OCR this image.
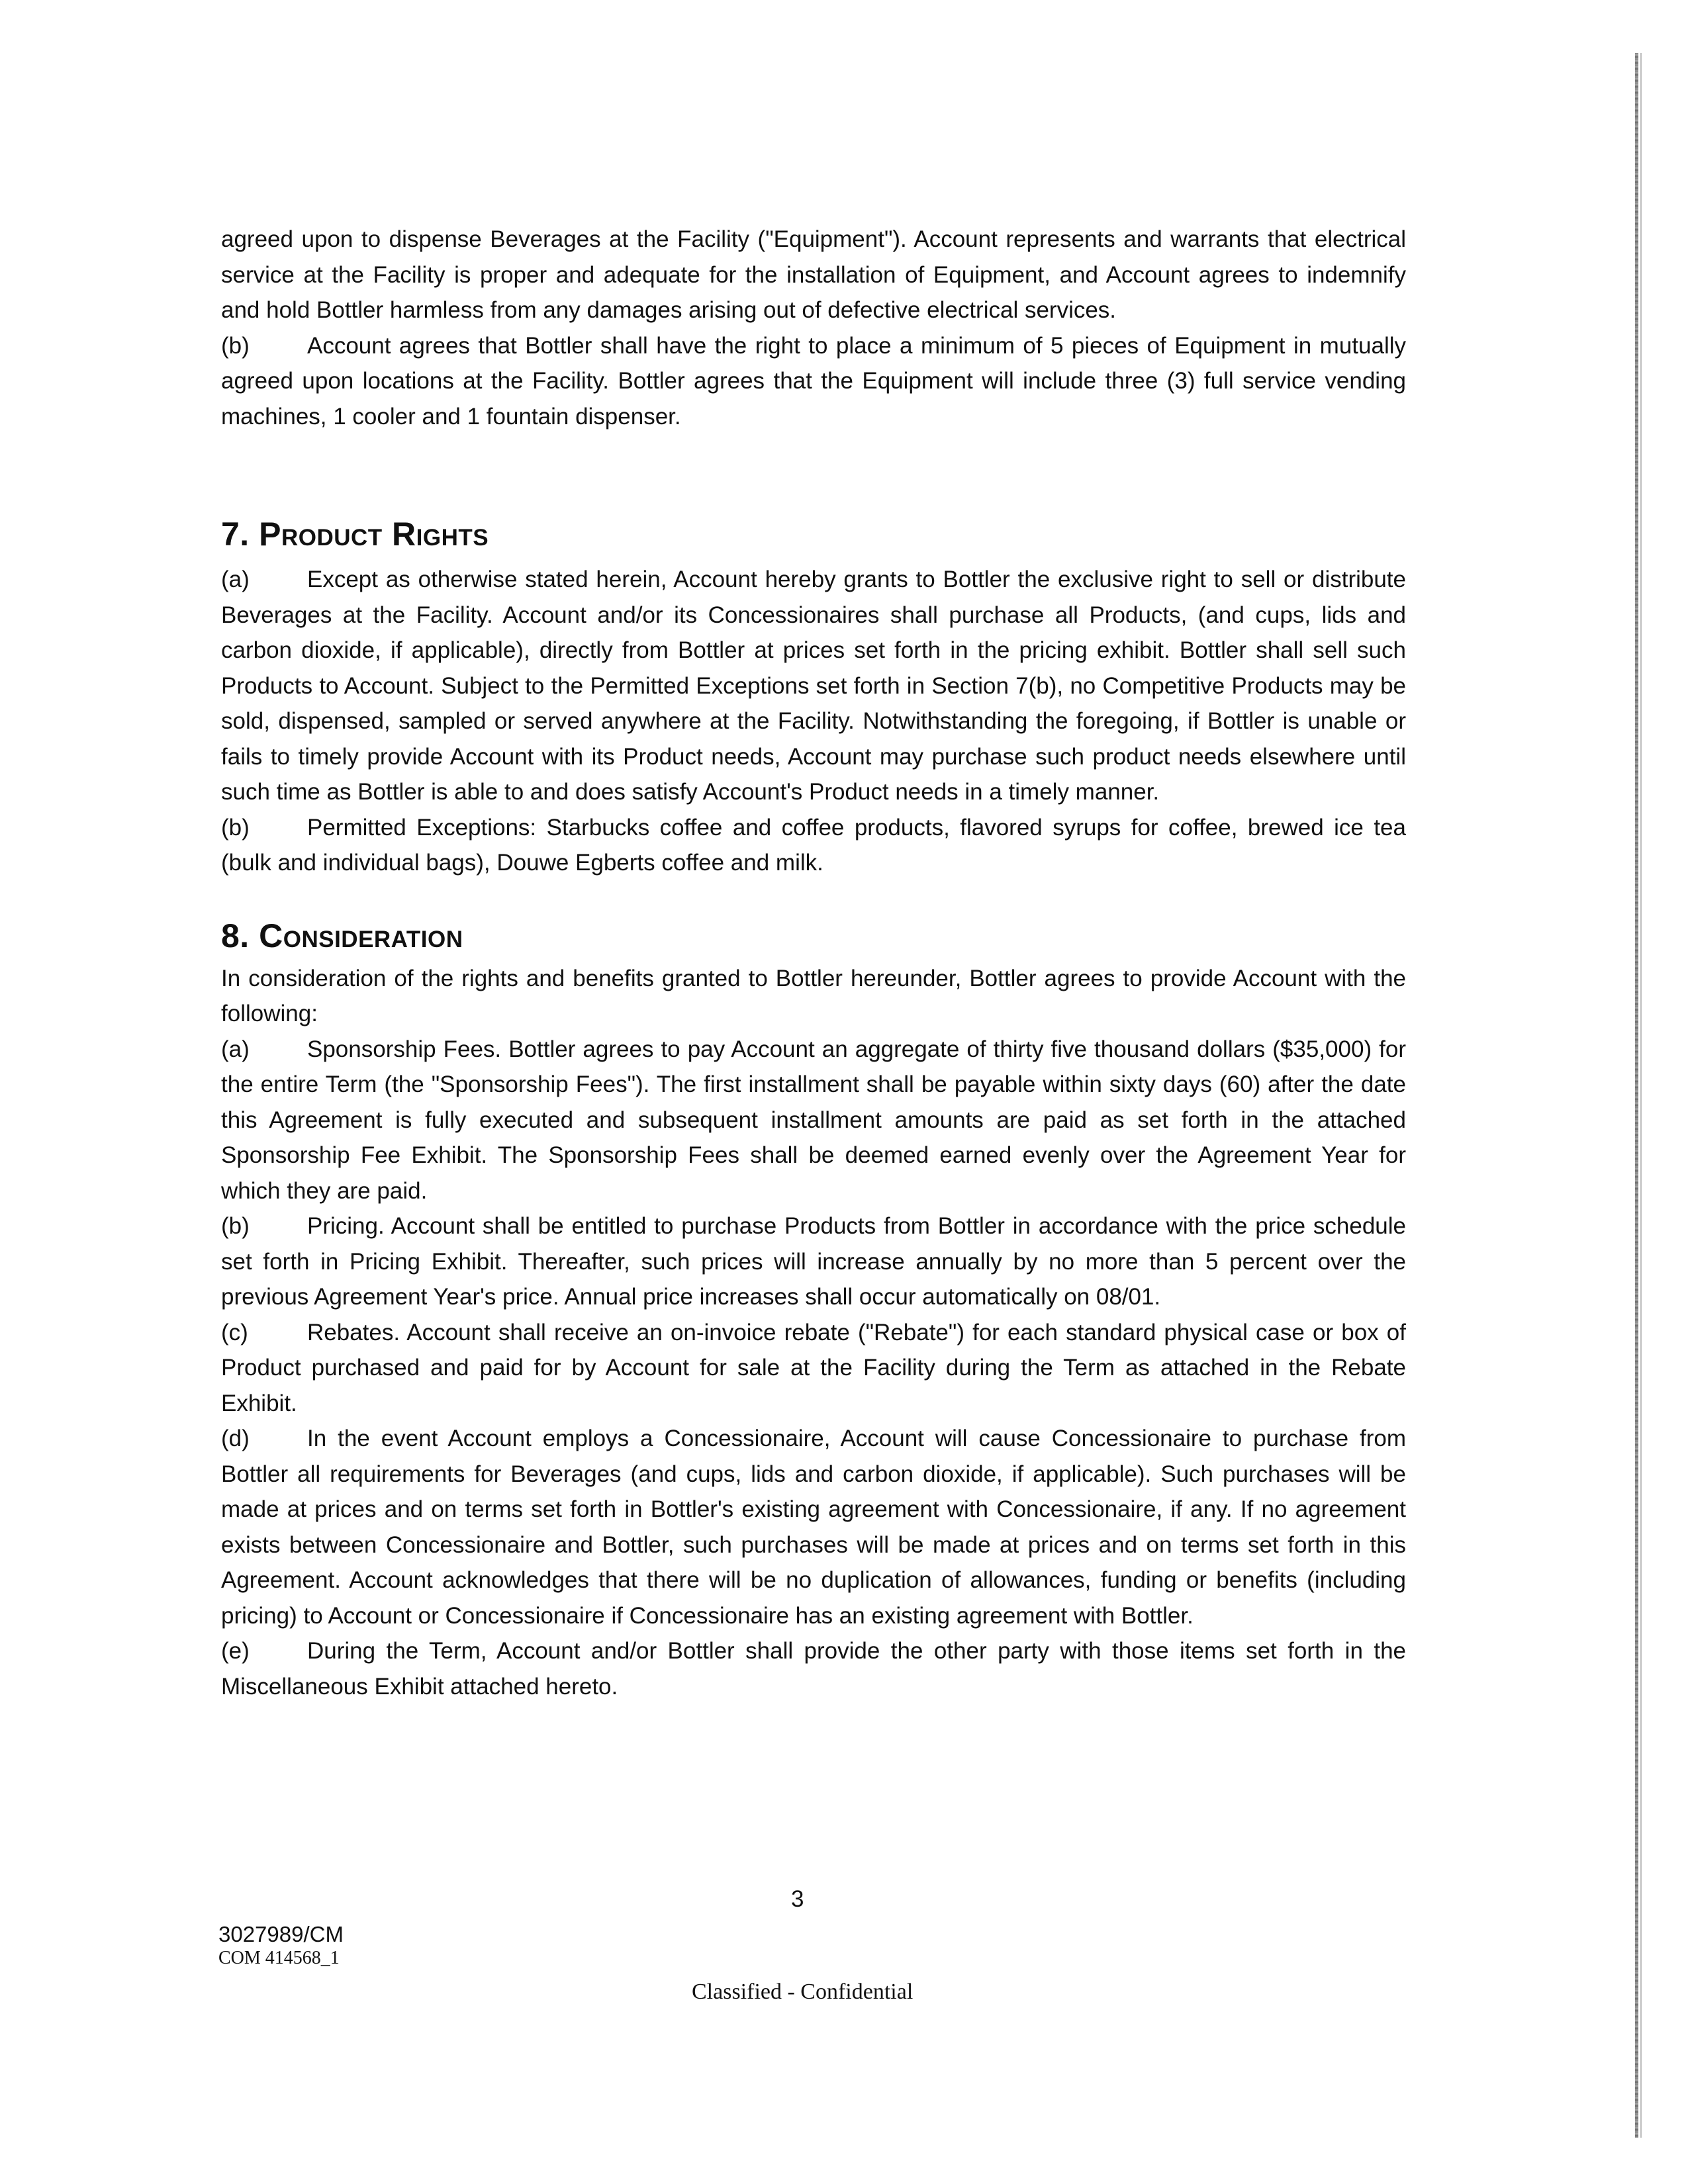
agreed upon to dispense Beverages at the Facility ("Equipment"). Account represents and warrants that electrical service at the Facility is proper and adequate for the installation of Equipment, and Account agrees to indemnify and hold Bottler harmless from any damages arising out of defective electrical services.

(b) Account agrees that Bottler shall have the right to place a minimum of 5 pieces of Equipment in mutually agreed upon locations at the Facility. Bottler agrees that the Equipment will include three (3) full service vending machines, 1 cooler and 1 fountain dispenser.

7. Product Rights

(a) Except as otherwise stated herein, Account hereby grants to Bottler the exclusive right to sell or distribute Beverages at the Facility. Account and/or its Concessionaires shall purchase all Products, (and cups, lids and carbon dioxide, if applicable), directly from Bottler at prices set forth in the pricing exhibit. Bottler shall sell such Products to Account. Subject to the Permitted Exceptions set forth in Section 7(b), no Competitive Products may be sold, dispensed, sampled or served anywhere at the Facility. Notwithstanding the foregoing, if Bottler is unable or fails to timely provide Account with its Product needs, Account may purchase such product needs elsewhere until such time as Bottler is able to and does satisfy Account's Product needs in a timely manner.

(b) Permitted Exceptions: Starbucks coffee and coffee products, flavored syrups for coffee, brewed ice tea (bulk and individual bags), Douwe Egberts coffee and milk.

8. Consideration

In consideration of the rights and benefits granted to Bottler hereunder, Bottler agrees to provide Account with the following:

(a) Sponsorship Fees. Bottler agrees to pay Account an aggregate of thirty five thousand dollars ($35,000) for the entire Term (the "Sponsorship Fees"). The first installment shall be payable within sixty days (60) after the date this Agreement is fully executed and subsequent installment amounts are paid as set forth in the attached Sponsorship Fee Exhibit. The Sponsorship Fees shall be deemed earned evenly over the Agreement Year for which they are paid.

(b) Pricing. Account shall be entitled to purchase Products from Bottler in accordance with the price schedule set forth in Pricing Exhibit. Thereafter, such prices will increase annually by no more than 5 percent over the previous Agreement Year's price. Annual price increases shall occur automatically on 08/01.

(c)	Rebates. Account shall receive an on-invoice rebate ("Rebate") for each standard physical case or box of Product purchased and paid for by Account for sale at the Facility during the Term as attached in the Rebate Exhibit.

(d) In the event Account employs a Concessionaire, Account will cause Concessionaire to purchase from Bottler all requirements for Beverages (and cups, lids and carbon dioxide, if applicable). Such purchases will be made at prices and on terms set forth in Bottler's existing agreement with Concessionaire, if any. If no agreement exists between Concessionaire and Bottler, such purchases will be made at prices and on terms set forth in this Agreement. Account acknowledges that there will be no duplication of allowances, funding or benefits (including pricing) to Account or Concessionaire if Concessionaire has an existing agreement with Bottler.

(e) During the Term, Account and/or Bottler shall provide the other party with those items set forth in the Miscellaneous Exhibit attached hereto.

3
3027989/CM
COM 414568_1
Classified - Confidential
